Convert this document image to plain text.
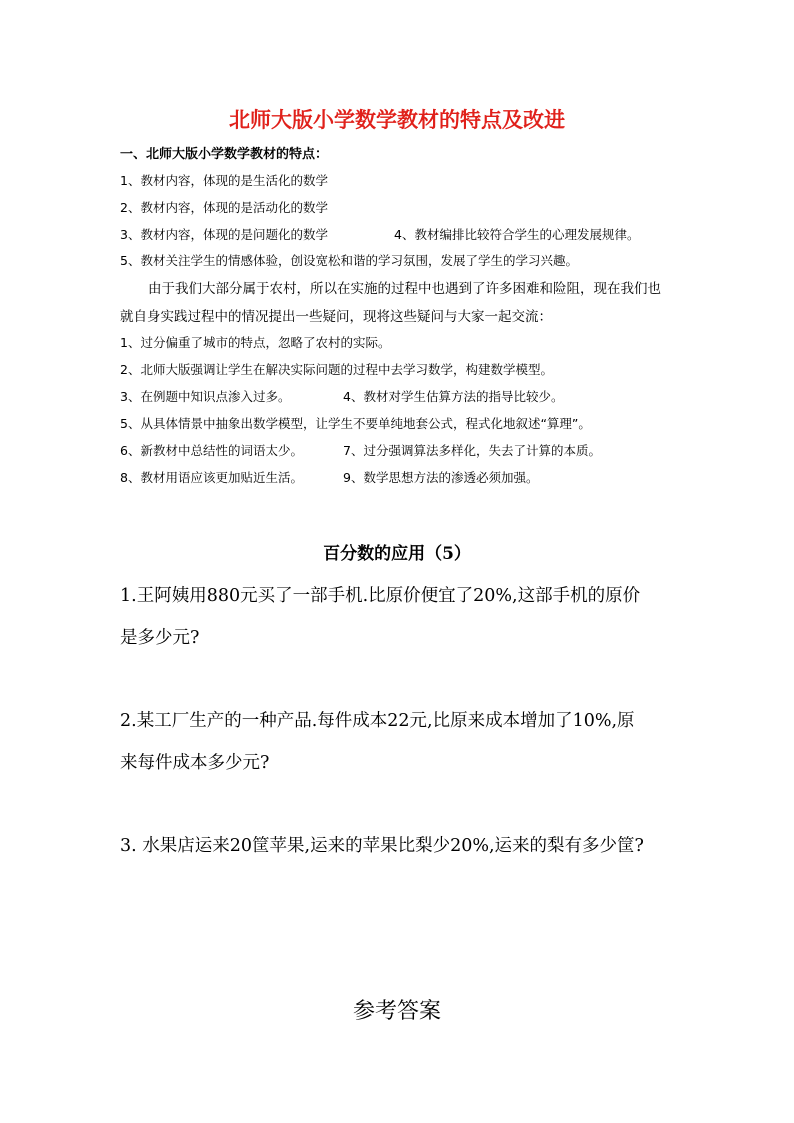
北师大版小学数学教材的特点及改进
一、北师大版小学数学教材的特点：
1、教材内容，体现的是生活化的数学
2、教材内容，体现的是活动化的数学
3、教材内容，体现的是问题化的数学	4、教材编排比较符合学生的心理发展规律。
5、教材关注学生的情感体验，创设宽松和谐的学习氛围，发展了学生的学习兴趣。
由于我们大部分属于农村，所以在实施的过程中也遇到了许多困难和险阻，现在我们也
就自身实践过程中的情况提出一些疑问，现将这些疑问与大家一起交流：
1、过分偏重了城市的特点，忽略了农村的实际。
2、北师大版强调让学生在解决实际问题的过程中去学习数学，构建数学模型。
3、在例题中知识点渗入过多。	4、教材对学生估算方法的指导比较少。
5、从具体情景中抽象出数学模型，让学生不要单纯地套公式，程式化地叙述“算理”。
6、新教材中总结性的词语太少。	7、过分强调算法多样化，失去了计算的本质。
8、教材用语应该更加贴近生活。	9、数学思想方法的渗透必须加强。
百分数的应用（5）
1.王阿姨用880元买了一部手机.比原价便宜了20%,这部手机的原价
是多少元?
2.某工厂生产的一种产品.每件成本22元,比原来成本增加了10%,原
来每件成本多少元?
3. 水果店运来20筐苹果,运来的苹果比梨少20%,运来的梨有多少筐?
参考答案
